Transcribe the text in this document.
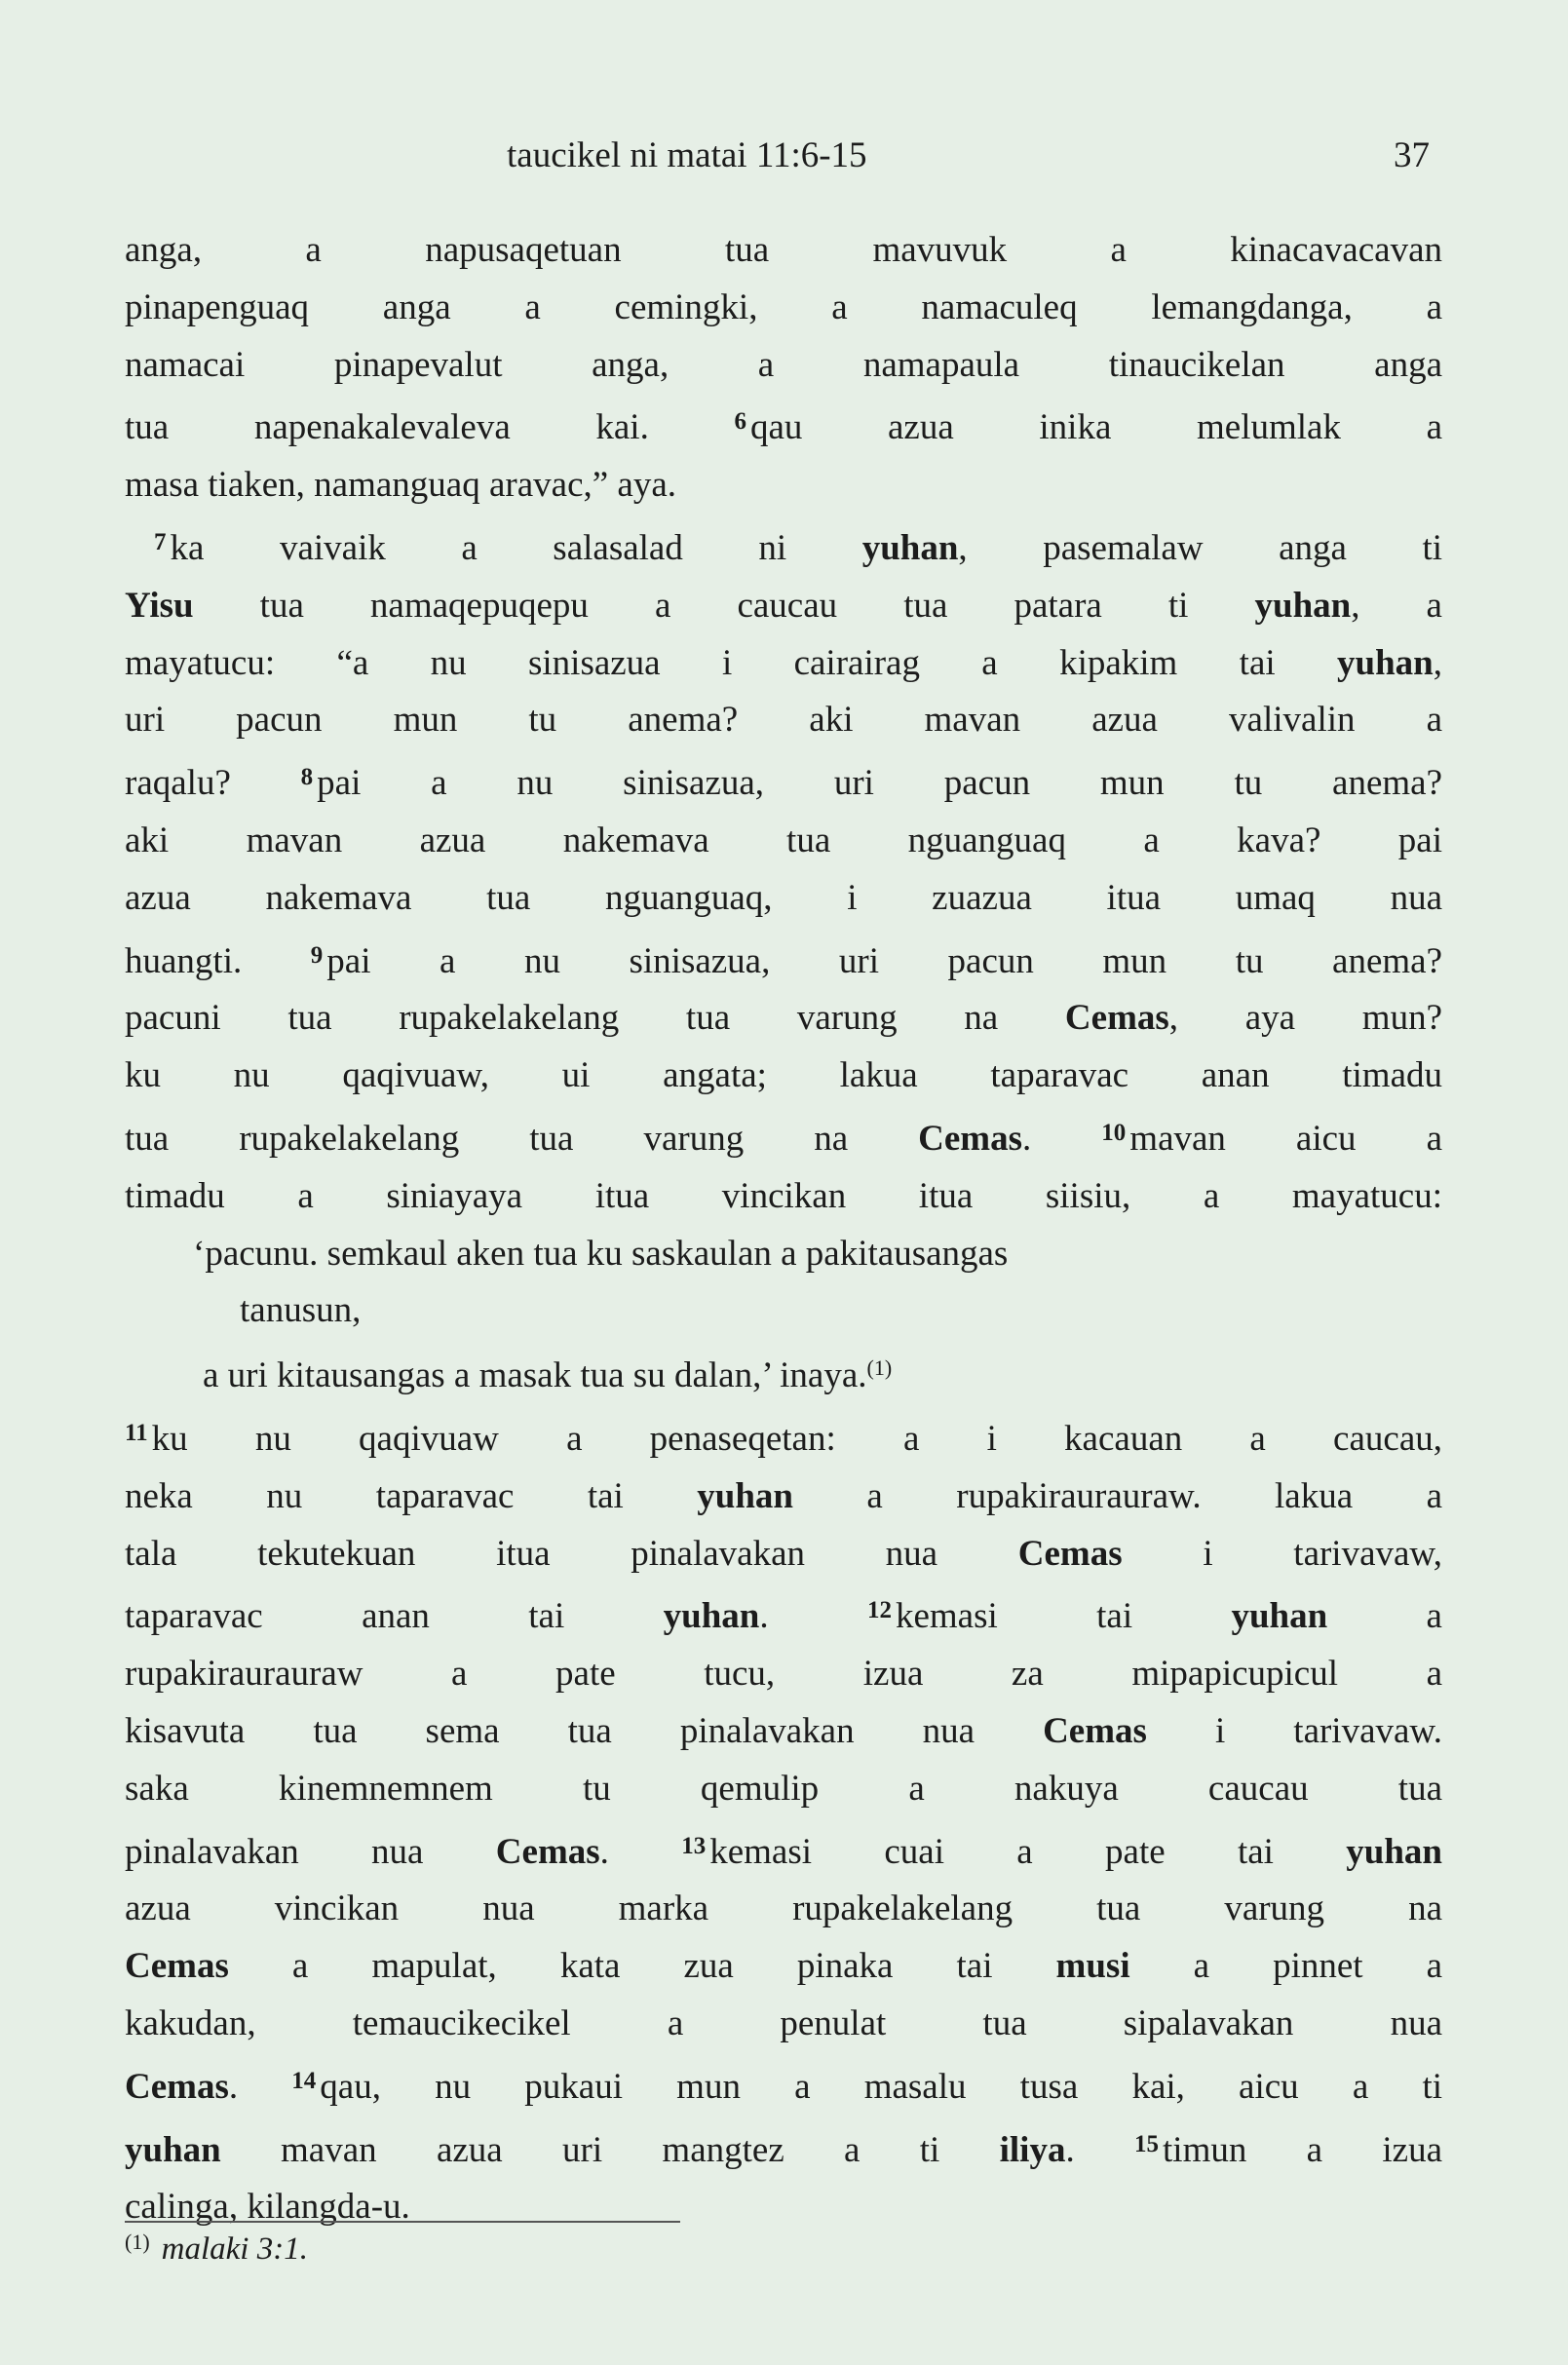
taucikel ni matai 11:6-15	37
anga, a napusaqetuan tua mavuvuk a kinacavacavan
pinapenguaq anga a cemingki, a namaculeq lemangdanga, a
namacai pinapevalut anga, a namapaula tinaucikelan anga
tua napenakalevaleva kai. $^6$ qau azua inika melumlak a
masa tiaken, namanguaq aravac,” aya.
$^7$ ka vaivaik a salasalad ni yuhan, pasemalaw anga ti
Yisu tua namaqepuqepu a caucau tua patara ti yuhan, a
mayatucu: “a nu sinisazua i cairairag a kipakim tai yuhan,
uri pacun mun tu anema? aki mavan azua valivalin a
raqalu? $^8$ pai a nu sinisazua, uri pacun mun tu anema?
aki mavan azua nakemava tua nguanguaq a kava? pai
azua nakemava tua nguanguaq, i zuazua itua umaq nua
huangti. $^9$ pai a nu sinisazua, uri pacun mun tu anema?
pacuni tua rupakelakelang tua varung na Cemas, aya mun?
ku nu qaqivuaw, ui angata; lakua taparavac anan timadu
tua rupakelakelang tua varung na Cemas. $^{10}$ mavan aicu a
timadu a siniayaya itua vincikan itua siisiu, a mayatucu:
‘pacunu. semkaul aken tua ku saskaulan a pakitausangas
tanusun,
a uri kitausangas a masak tua su dalan,’ inaya.$^{(1)}$
$^{11}$ ku nu qaqivuaw a penaseqetan: a i kacauan a caucau,
neka nu taparavac tai yuhan a rupakiraurauraw. lakua a
tala tekutekuan itua pinalavakan nua Cemas i tarivavaw,
taparavac anan tai yuhan. $^{12}$ kemasi tai yuhan a
rupakiraurauraw a pate tucu, izua za mipapicupicul a
kisavuta tua sema tua pinalavakan nua Cemas i tarivavaw.
saka kinemnemnem tu qemulip a nakuya caucau tua
pinalavakan nua Cemas. $^{13}$ kemasi cuai a pate tai yuhan
azua vincikan nua marka rupakelakelang tua varung na
Cemas a mapulat, kata zua pinaka tai musi a pinnet a
kakudan, temaucikecikel a penulat tua sipalavakan nua
Cemas. $^{14}$ qau, nu pukaui mun a masalu tusa kai, aicu a ti
yuhan mavan azua uri mangtez a ti iliya. $^{15}$ timun a izua
calinga, kilangda-u.
$^{(1)}$ malaki 3:1.
